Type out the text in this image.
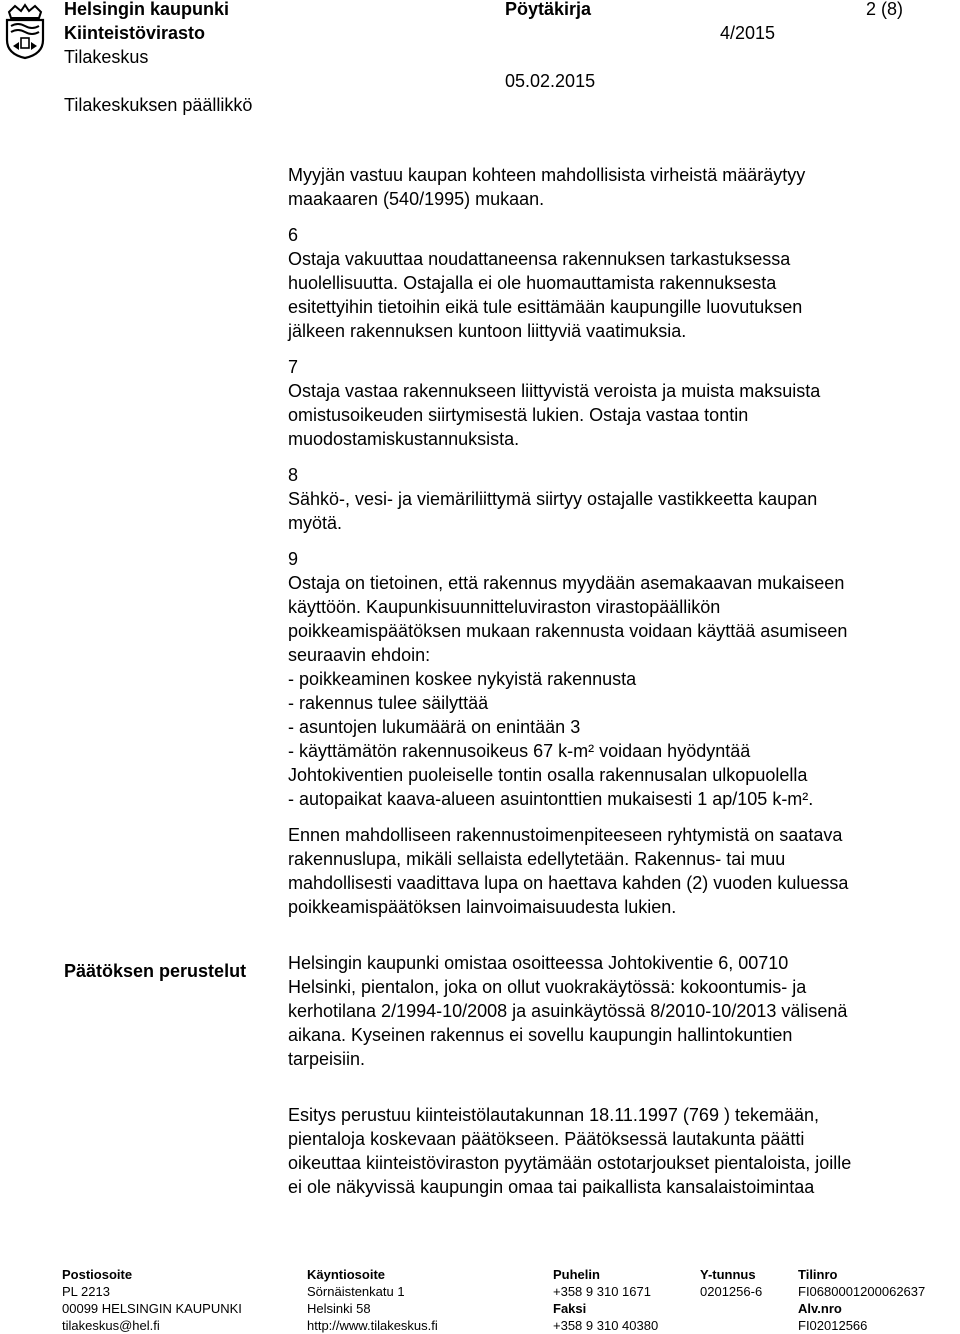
Helsingin kaupunki
Kiinteistövirasto
Tilakeskus
Tilakeskuksen päällikkö
Pöytäkirja	2 (8)
4/2015
05.02.2015
Päätöksen perustelut

Myyjän vastuu kaupan kohteen mahdollisista virheistä määräytyy

maakaaren (540/1995) mukaan.

6

Ostaja vakuuttaa noudattaneensa rakennuksen tarkastuksessa

huolellisuutta. Ostajalla ei ole huomauttamista rakennuksesta

esitettyihin tietoihin eikä tule esittämään kaupungille luovutuksen

jälkeen rakennuksen kuntoon liittyviä vaatimuksia.

7

Ostaja vastaa rakennukseen liittyvistä veroista ja muista maksuista

omistusoikeuden siirtymisestä lukien. Ostaja vastaa tontin

muodostamiskustannuksista.

8

Sähkö-, vesi- ja viemäriliittymä siirtyy ostajalle vastikkeetta kaupan

myötä.

9

Ostaja on tietoinen, että rakennus myydään asemakaavan mukaiseen

käyttöön. Kaupunkisuunnitteluviraston virastopäällikön

poikkeamispäätöksen mukaan rakennusta voidaan käyttää asumiseen

seuraavin ehdoin:

- poikkeaminen koskee nykyistä rakennusta

- rakennus tulee säilyttää

- asuntojen lukumäärä on enintään 3

- käyttämätön rakennusoikeus 67 k-m² voidaan hyödyntää

Johtokiventien puoleiselle tontin osalla rakennusalan ulkopuolella

- autopaikat kaava-alueen asuintonttien mukaisesti 1 ap/105 k-m².

Ennen mahdolliseen rakennustoimenpiteeseen ryhtymistä on saatava

rakennuslupa, mikäli sellaista edellytetään. Rakennus- tai muu

mahdollisesti vaadittava lupa on haettava kahden (2) vuoden kuluessa

poikkeamispäätöksen lainvoimaisuudesta lukien.

Helsingin kaupunki omistaa osoitteessa Johtokiventie 6, 00710

Helsinki, pientalon, joka on ollut vuokrakäytössä: kokoontumis- ja

kerhotilana 2/1994-10/2008 ja asuinkäytössä 8/2010-10/2013 välisenä

aikana. Kyseinen rakennus ei sovellu kaupungin hallintokuntien

tarpeisiin.

Esitys perustuu kiinteistölautakunnan 18.11.1997 (769 ) tekemään,

pientaloja koskevaan päätökseen. Päätöksessä lautakunta päätti

oikeuttaa kiinteistöviraston pyytämään ostotarjoukset pientaloista, joille

ei ole näkyvissä kaupungin omaa tai paikallista kansalaistoimintaa

Postiosoite
PL 2213
00099 HELSINGIN KAUPUNKI
tilakeskus@hel.fi
Käyntiosoite
Sörnäistenkatu 1
Helsinki 58
http://www.tilakeskus.fi
Puhelin
+358 9 310 1671
Faksi
+358 9 310 40380
Y-tunnus
0201256-6
Tilinro
FI0680001200062637
Alv.nro
FI02012566
